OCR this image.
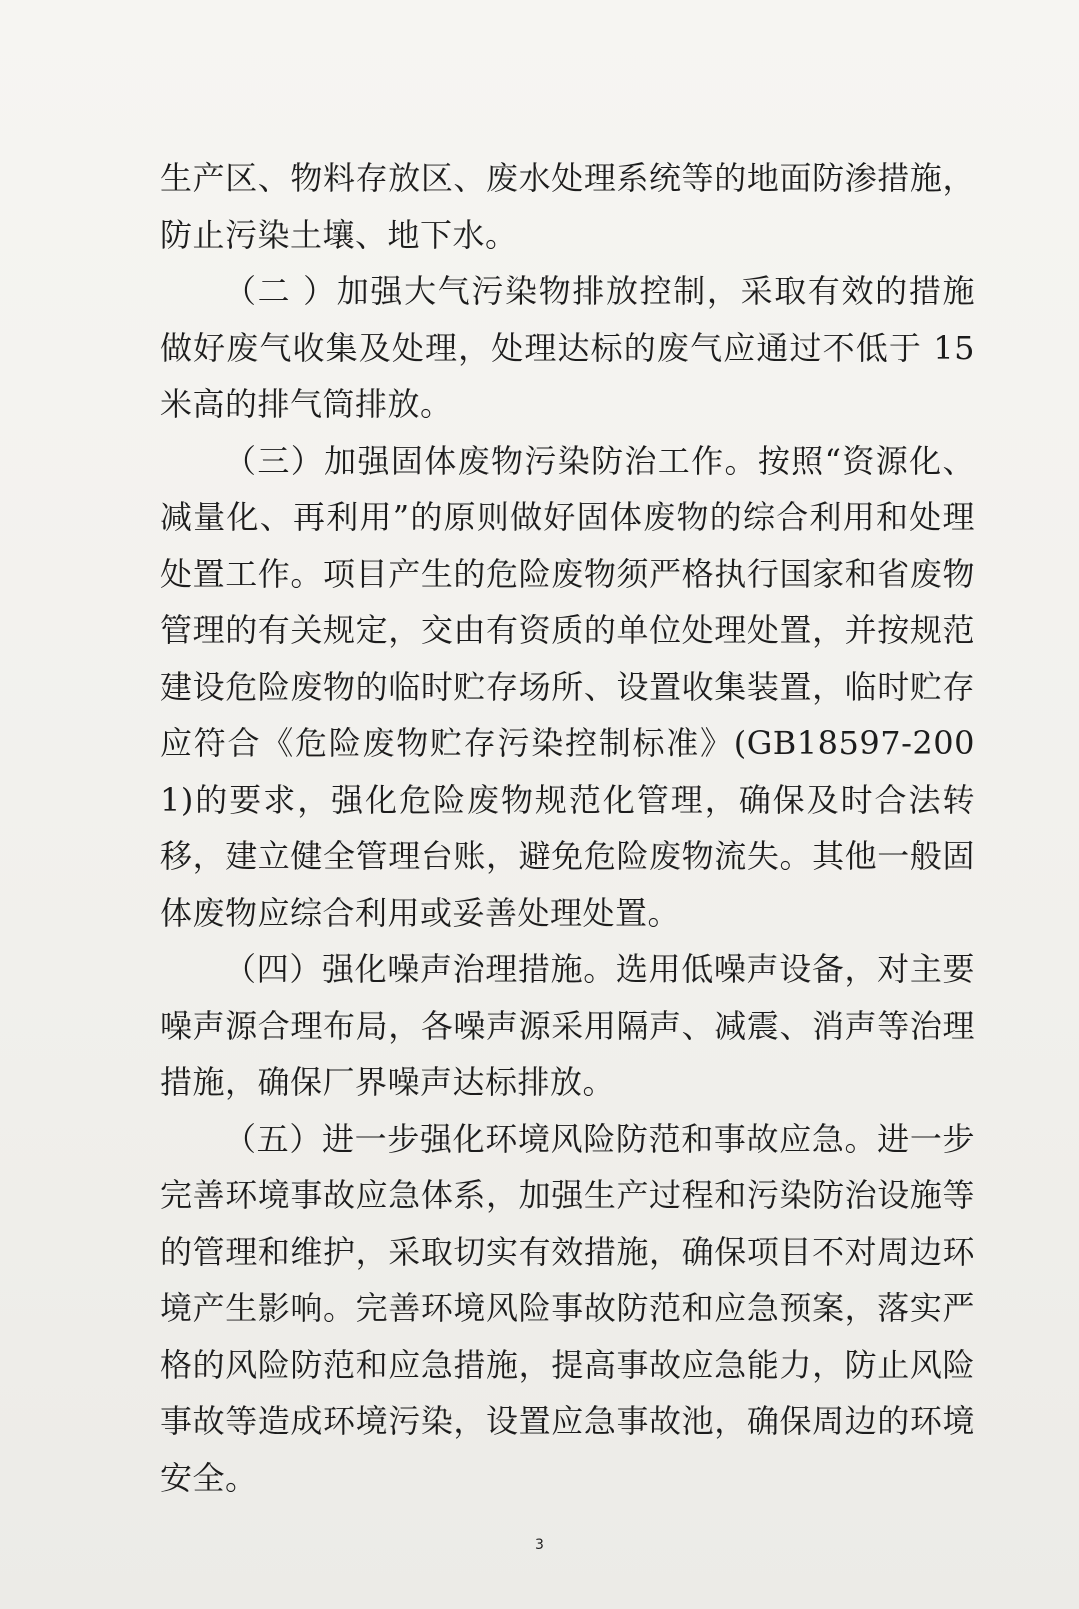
生产区、物料存放区、废水处理系统等的地面防渗措施，防止污染土壤、地下水。

（二 ）加强大气污染物排放控制，采取有效的措施做好废气收集及处理，处理达标的废气应通过不低于 15 米高的排气筒排放。

（三）加强固体废物污染防治工作。按照“资源化、减量化、再利用”的原则做好固体废物的综合利用和处理处置工作。项目产生的危险废物须严格执行国家和省废物管理的有关规定，交由有资质的单位处理处置，并按规范建设危险废物的临时贮存场所、设置收集装置，临时贮存应符合《危险废物贮存污染控制标准》(GB18597-2001)的要求，强化危险废物规范化管理，确保及时合法转移，建立健全管理台账，避免危险废物流失。其他一般固体废物应综合利用或妥善处理处置。

（四）强化噪声治理措施。选用低噪声设备，对主要噪声源合理布局，各噪声源采用隔声、减震、消声等治理措施，确保厂界噪声达标排放。

（五）进一步强化环境风险防范和事故应急。进一步完善环境事故应急体系，加强生产过程和污染防治设施等的管理和维护，采取切实有效措施，确保项目不对周边环境产生影响。完善环境风险事故防范和应急预案，落实严格的风险防范和应急措施，提高事故应急能力，防止风险事故等造成环境污染，设置应急事故池，确保周边的环境安全。

3
